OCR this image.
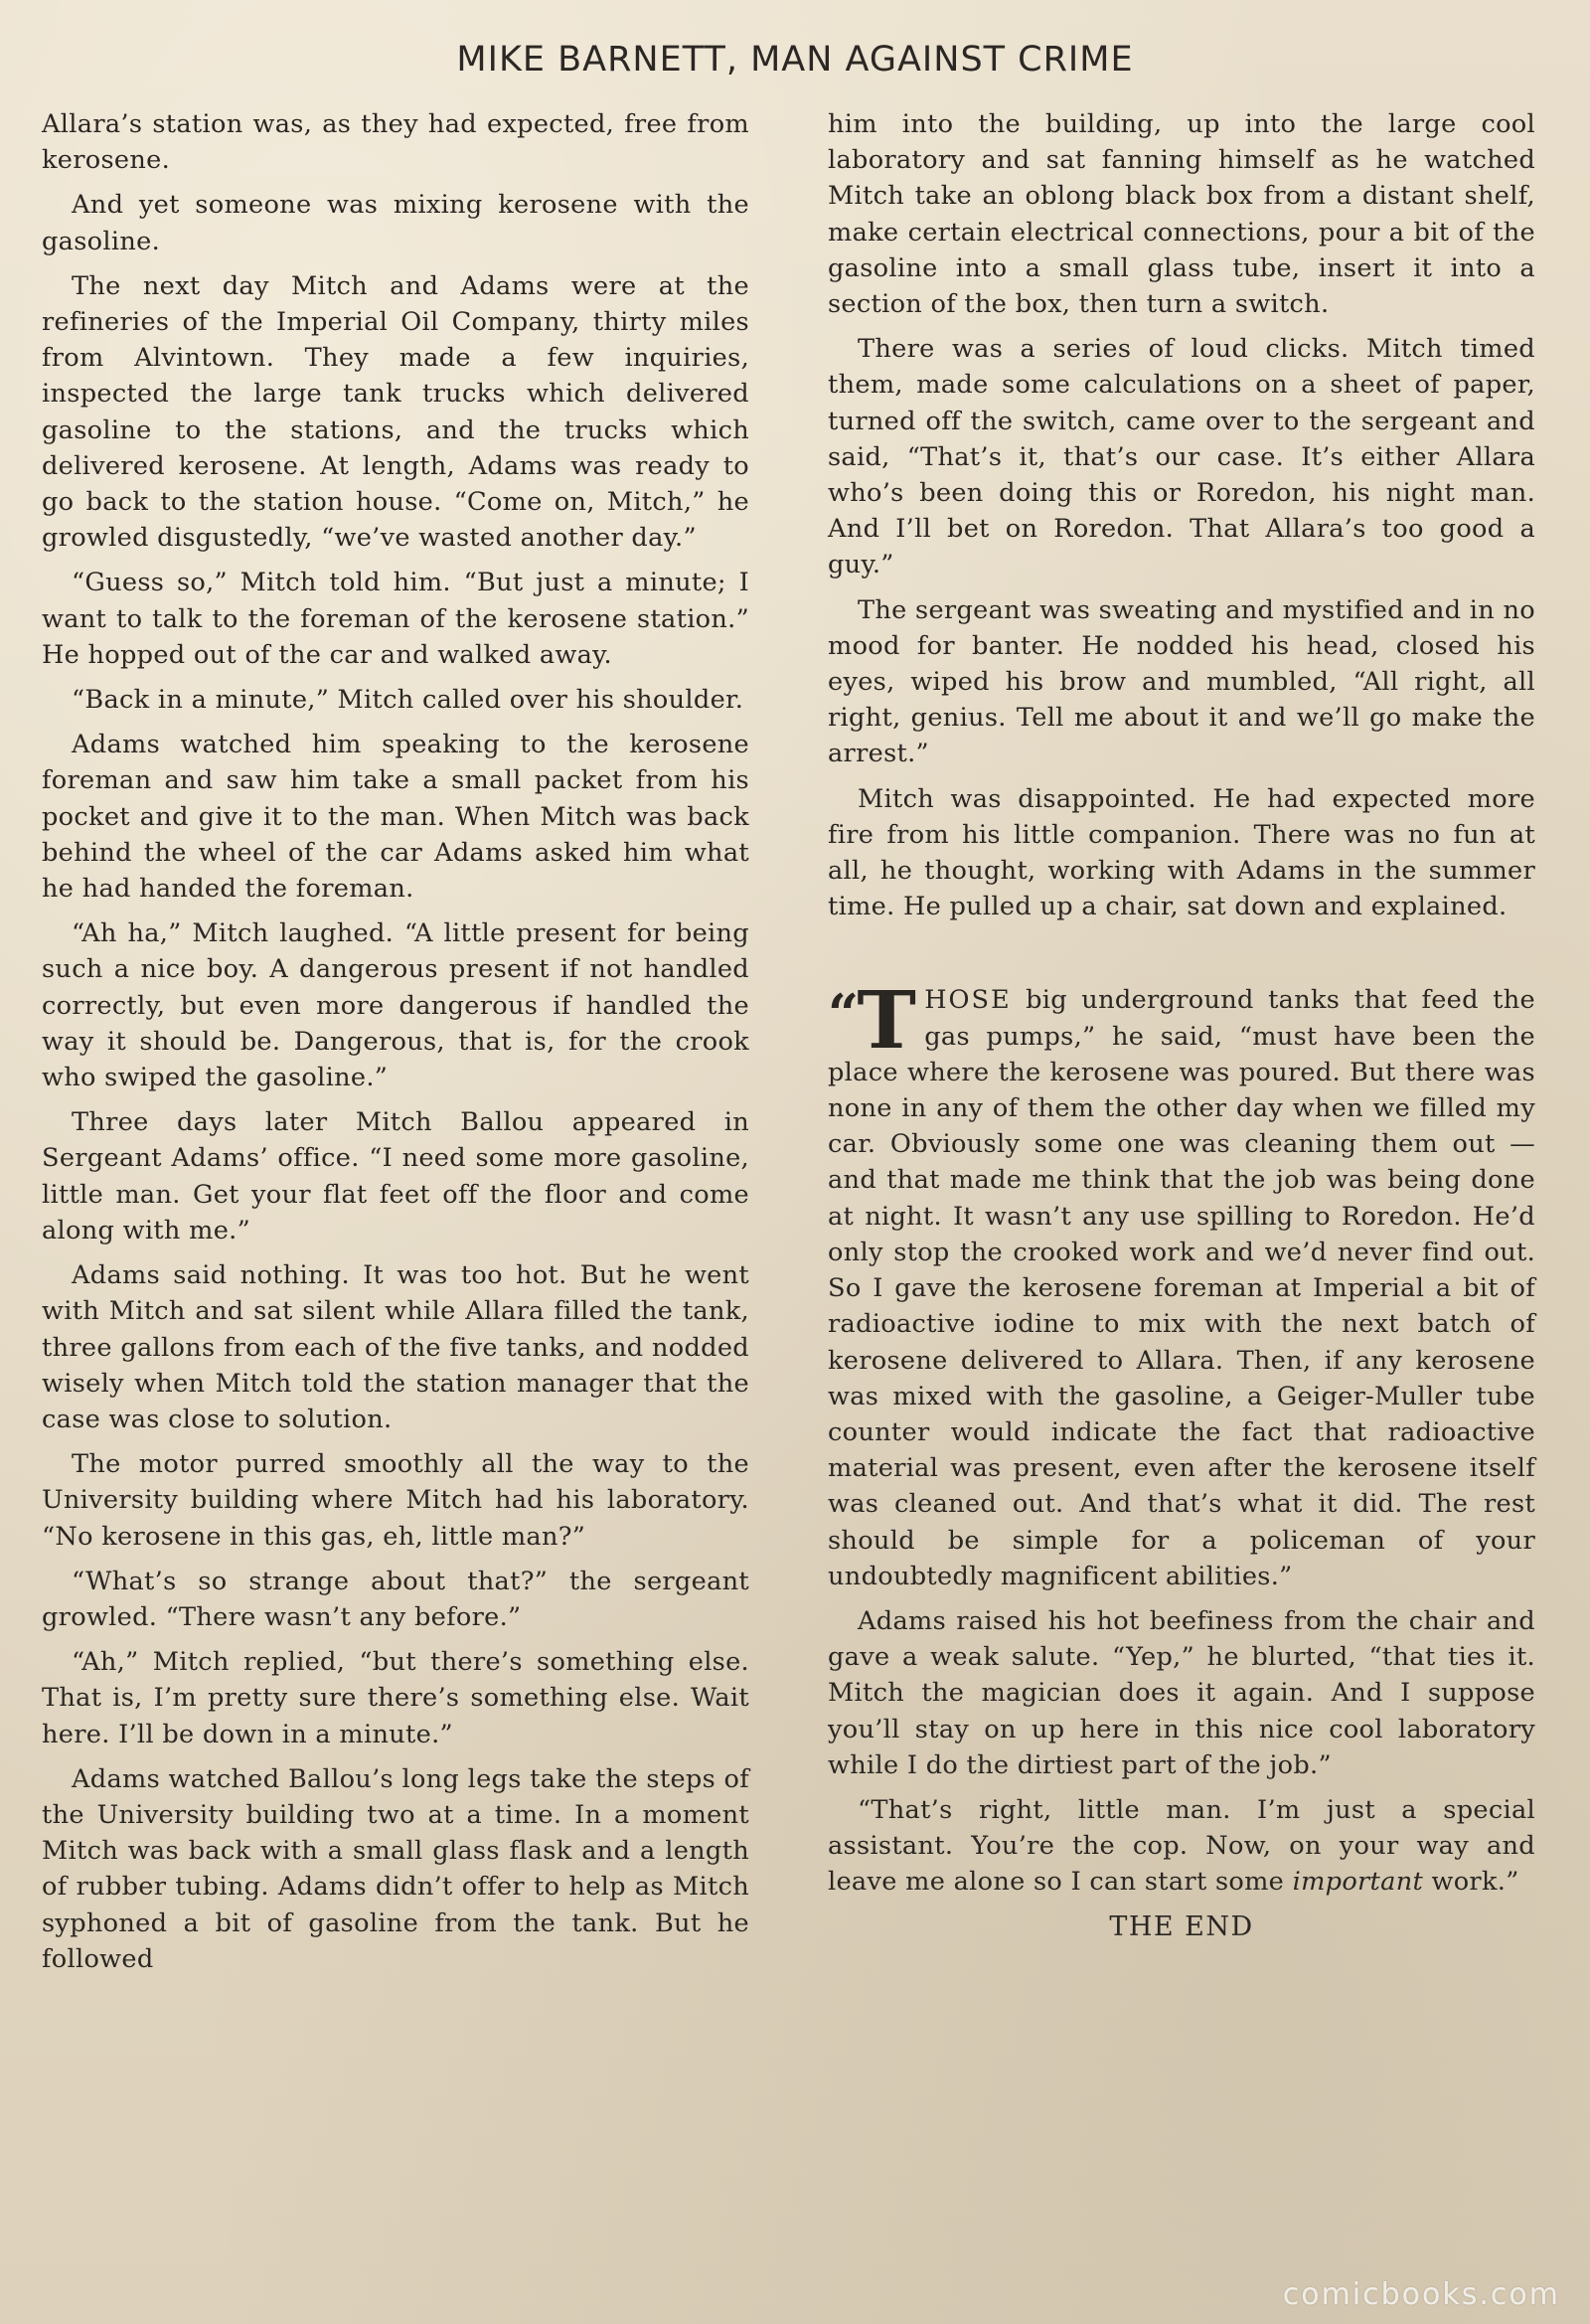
MIKE BARNETT, MAN AGAINST CRIME

Allara’s station was, as they had expected, free from kerosene.

And yet someone was mixing kerosene with the gasoline.

The next day Mitch and Adams were at the refineries of the Imperial Oil Company, thirty miles from Alvintown. They made a few inquiries, inspected the large tank trucks which delivered gasoline to the stations, and the trucks which delivered kerosene. At length, Adams was ready to go back to the station house. “Come on, Mitch,” he growled disgustedly, “we’ve wasted another day.”

“Guess so,” Mitch told him. “But just a minute; I want to talk to the foreman of the kerosene station.” He hopped out of the car and walked away.

“Back in a minute,” Mitch called over his shoulder.

Adams watched him speaking to the kerosene foreman and saw him take a small packet from his pocket and give it to the man. When Mitch was back behind the wheel of the car Adams asked him what he had handed the foreman.

“Ah ha,” Mitch laughed. “A little present for being such a nice boy. A dangerous present if not handled correctly, but even more dangerous if handled the way it should be. Dangerous, that is, for the crook who swiped the gasoline.”

Three days later Mitch Ballou appeared in Sergeant Adams’ office. “I need some more gasoline, little man. Get your flat feet off the floor and come along with me.”

Adams said nothing. It was too hot. But he went with Mitch and sat silent while Allara filled the tank, three gallons from each of the five tanks, and nodded wisely when Mitch told the station manager that the case was close to solution.

The motor purred smoothly all the way to the University building where Mitch had his laboratory. “No kerosene in this gas, eh, little man?”

“What’s so strange about that?” the sergeant growled. “There wasn’t any before.”

“Ah,” Mitch replied, “but there’s something else. That is, I’m pretty sure there’s something else. Wait here. I’ll be down in a minute.”

Adams watched Ballou’s long legs take the steps of the University building two at a time. In a moment Mitch was back with a small glass flask and a length of rubber tubing. Adams didn’t offer to help as Mitch syphoned a bit of gasoline from the tank. But he followed

him into the building, up into the large cool laboratory and sat fanning himself as he watched Mitch take an oblong black box from a distant shelf, make certain electrical connections, pour a bit of the gasoline into a small glass tube, insert it into a section of the box, then turn a switch.

There was a series of loud clicks. Mitch timed them, made some calculations on a sheet of paper, turned off the switch, came over to the sergeant and said, “That’s it, that’s our case. It’s either Allara who’s been doing this or Roredon, his night man. And I’ll bet on Roredon. That Allara’s too good a guy.”

The sergeant was sweating and mystified and in no mood for banter. He nodded his head, closed his eyes, wiped his brow and mumbled, “All right, all right, genius. Tell me about it and we’ll go make the arrest.”

Mitch was disappointed. He had expected more fire from his little companion. There was no fun at all, he thought, working with Adams in the summer time. He pulled up a chair, sat down and explained.

“T HOSE big underground tanks that feed the gas pumps,” he said, “must have been the place where the kerosene was poured. But there was none in any of them the other day when we filled my car. Obviously some one was cleaning them out — and that made me think that the job was being done at night. It wasn’t any use spilling to Roredon. He’d only stop the crooked work and we’d never find out. So I gave the kerosene foreman at Imperial a bit of radioactive iodine to mix with the next batch of kerosene delivered to Allara. Then, if any kerosene was mixed with the gasoline, a Geiger-Muller tube counter would indicate the fact that radioactive material was present, even after the kerosene itself was cleaned out. And that’s what it did. The rest should be simple for a policeman of your undoubtedly magnificent abilities.”

Adams raised his hot beefiness from the chair and gave a weak salute. “Yep,” he blurted, “that ties it. Mitch the magician does it again. And I suppose you’ll stay on up here in this nice cool laboratory while I do the dirtiest part of the job.”

“That’s right, little man. I’m just a special assistant. You’re the cop. Now, on your way and leave me alone so I can start some important work.”

THE END

comicbooks.com
